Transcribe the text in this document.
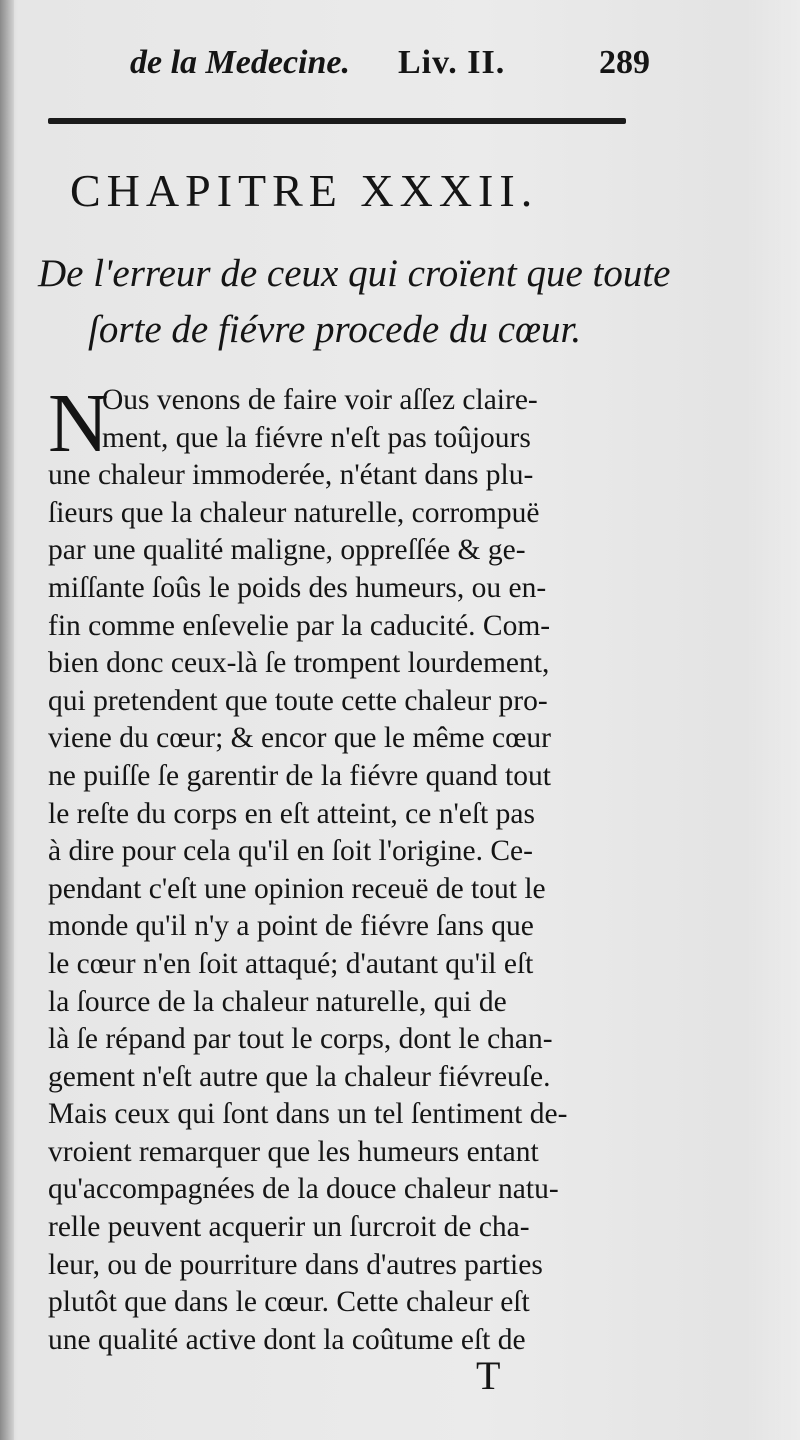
de la Medecine. Liv. II.	289
CHAPITRE XXXII.
De l'erreur de ceux qui croïent que toute
ſorte de fiévre procede du cœur.
N
Ous venons de faire voir aſſez claire-
ment, que la fiévre n'eſt pas toûjours
une chaleur immoderée, n'étant dans plu-
ſieurs que la chaleur naturelle, corrompuë
par une qualité maligne, oppreſſée & ge-
miſſante ſoûs le poids des humeurs, ou en-
fin comme enſevelie par la caducité. Com-
bien donc ceux-là ſe trompent lourdement,
qui pretendent que toute cette chaleur pro-
viene du cœur; & encor que le même cœur
ne puiſſe ſe garentir de la fiévre quand tout
le reſte du corps en eſt atteint, ce n'eſt pas
à dire pour cela qu'il en ſoit l'origine. Ce-
pendant c'eſt une opinion receuë de tout le
monde qu'il n'y a point de fiévre ſans que
le cœur n'en ſoit attaqué; d'autant qu'il eſt
la ſource de la chaleur naturelle, qui de
là ſe répand par tout le corps, dont le chan-
gement n'eſt autre que la chaleur fiévreuſe.
Mais ceux qui ſont dans un tel ſentiment de-
vroient remarquer que les humeurs entant
qu'accompagnées de la douce chaleur natu-
relle peuvent acquerir un ſurcroit de cha-
leur, ou de pourriture dans d'autres parties
plutôt que dans le cœur. Cette chaleur eſt
une qualité active dont la coûtume eſt de
T
